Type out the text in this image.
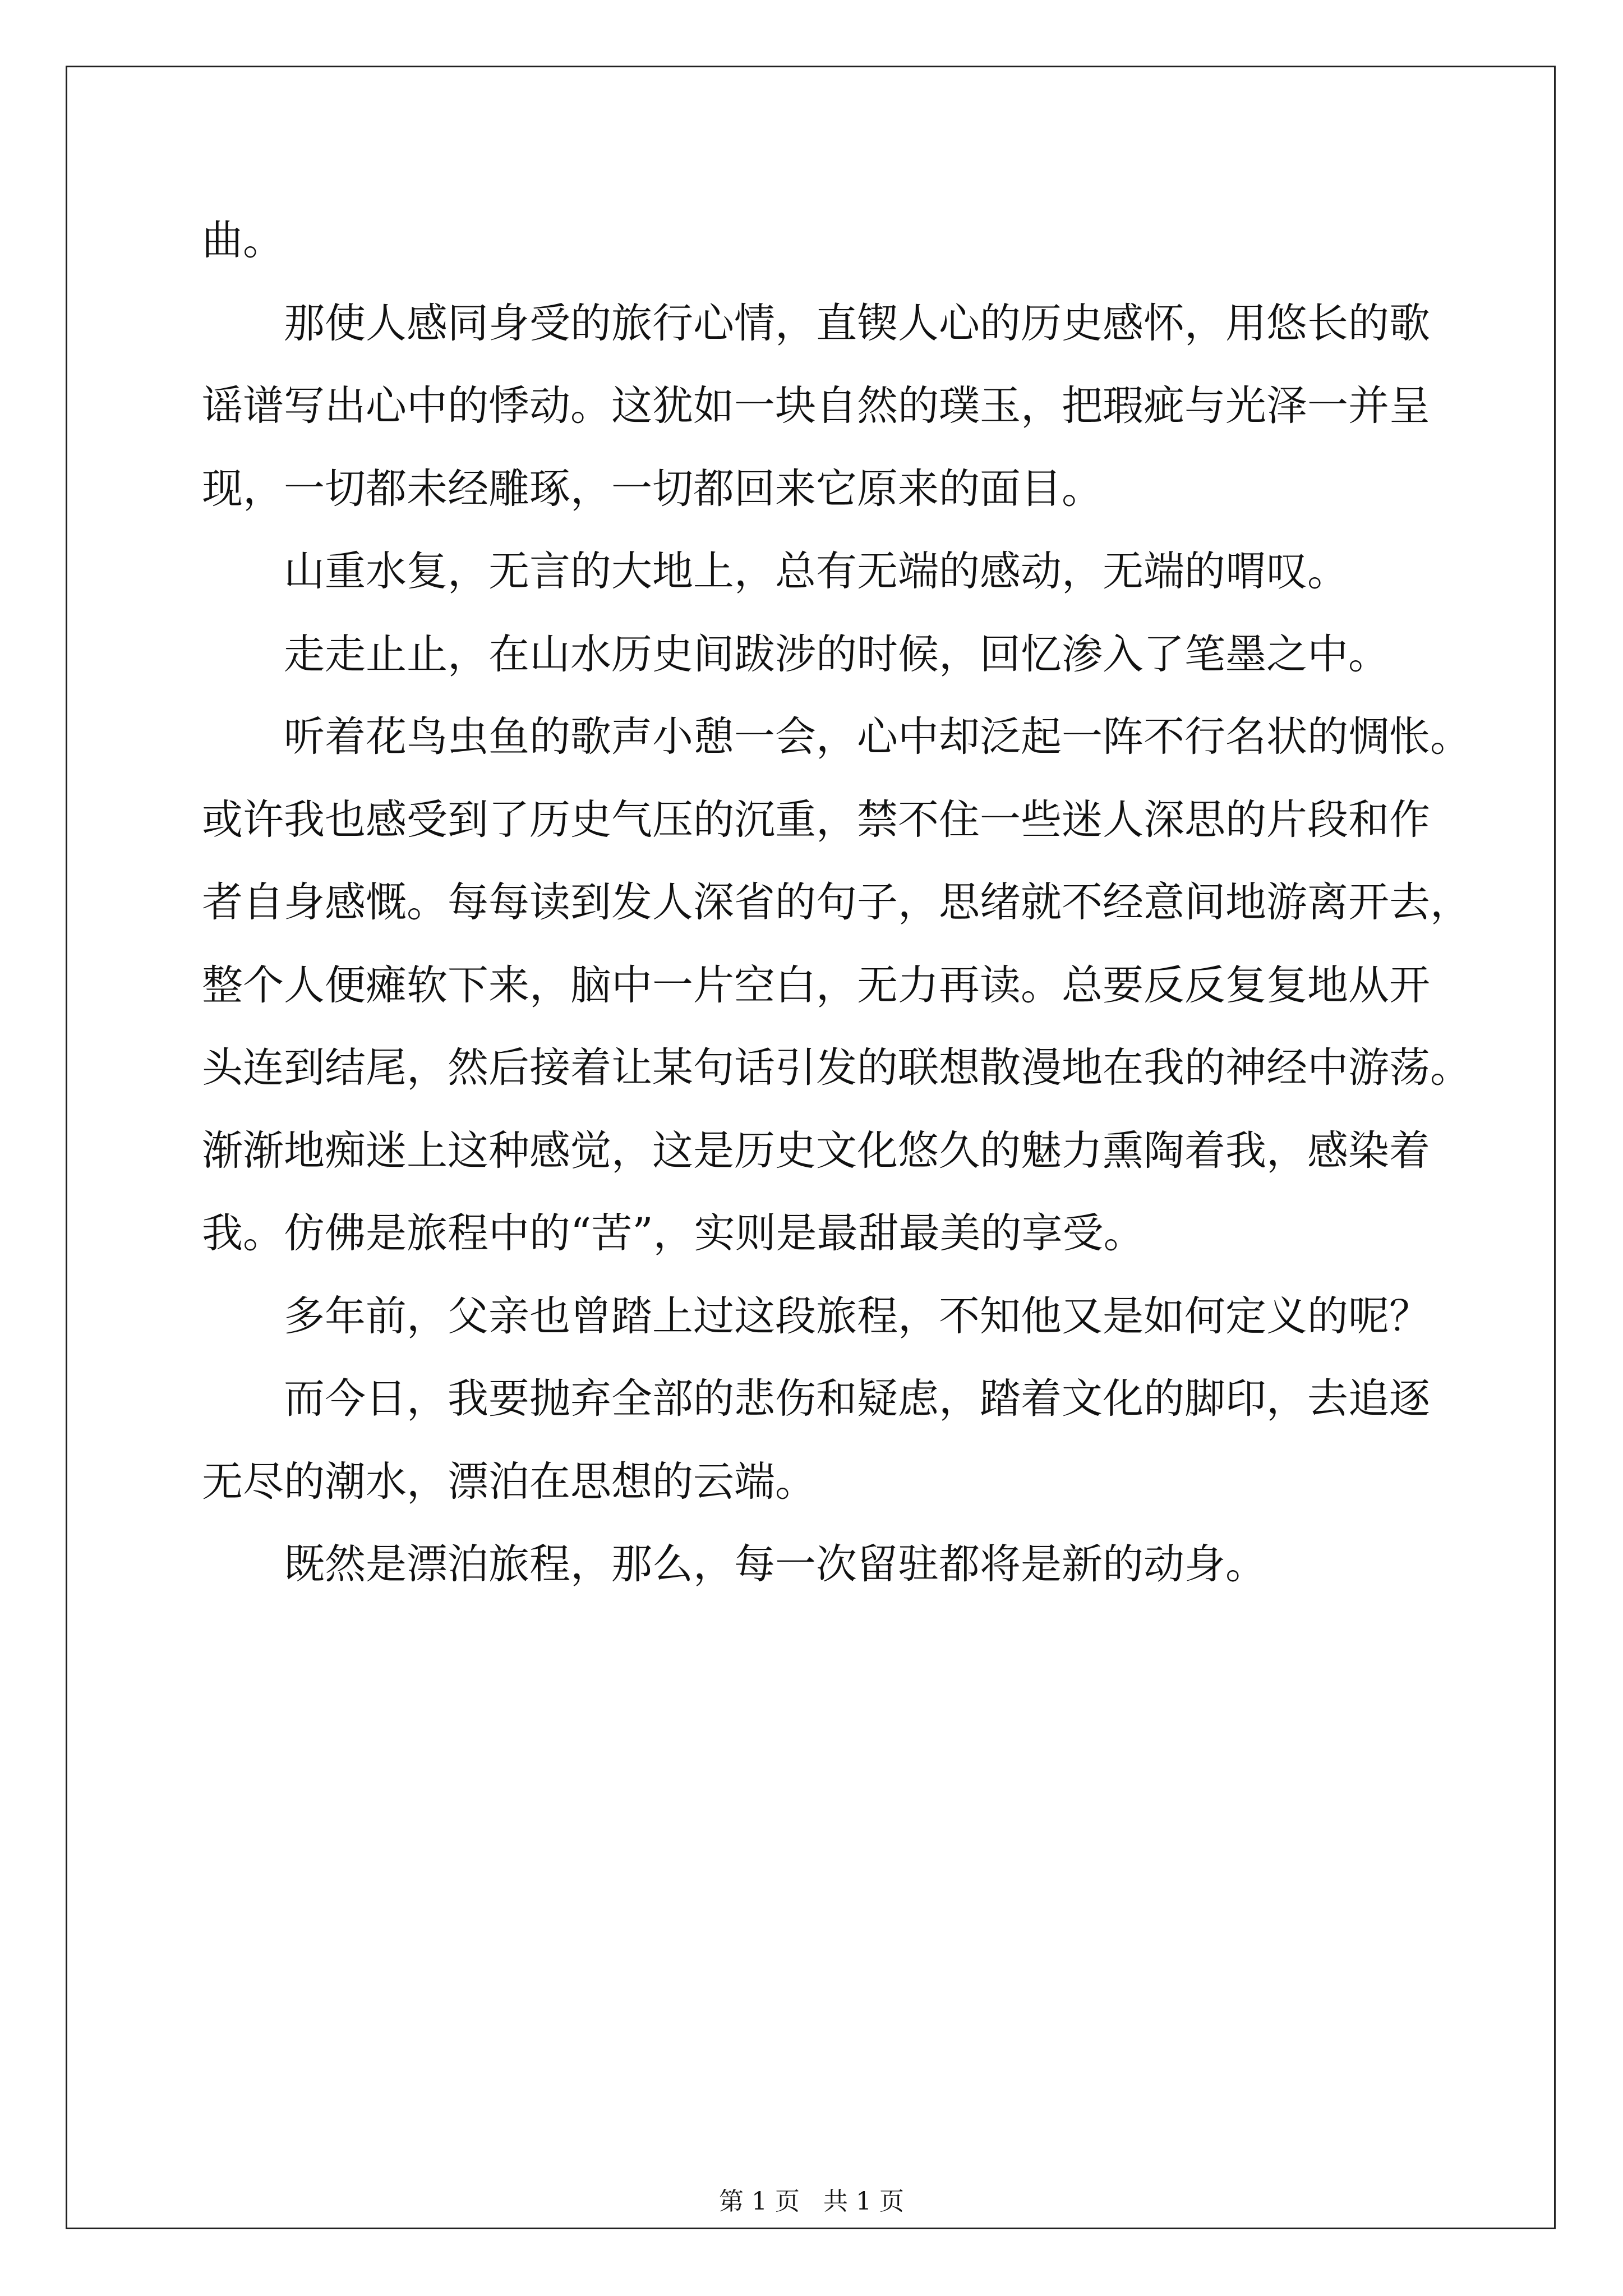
曲。

那使人感同身受的旅行心情，直锲人心的历史感怀，用悠长的歌
谣谱写出心中的悸动。这犹如一块自然的璞玉，把瑕疵与光泽一并呈
现，一切都未经雕琢，一切都回来它原来的面目。

山重水复，无言的大地上，总有无端的感动，无端的喟叹。

走走止止，在山水历史间跋涉的时候，回忆渗入了笔墨之中。

听着花鸟虫鱼的歌声小憩一会，心中却泛起一阵不行名状的惆怅。
或许我也感受到了历史气压的沉重，禁不住一些迷人深思的片段和作
者自身感慨。每每读到发人深省的句子，思绪就不经意间地游离开去，
整个人便瘫软下来，脑中一片空白，无力再读。总要反反复复地从开
头连到结尾，然后接着让某句话引发的联想散漫地在我的神经中游荡。
渐渐地痴迷上这种感觉，这是历史文化悠久的魅力熏陶着我，感染着
我。仿佛是旅程中的“苦”，实则是最甜最美的享受。

多年前，父亲也曾踏上过这段旅程，不知他又是如何定义的呢？

而今日，我要抛弃全部的悲伤和疑虑，踏着文化的脚印，去追逐
无尽的潮水，漂泊在思想的云端。

既然是漂泊旅程，那么，每一次留驻都将是新的动身。

第 1 页   共 1 页
